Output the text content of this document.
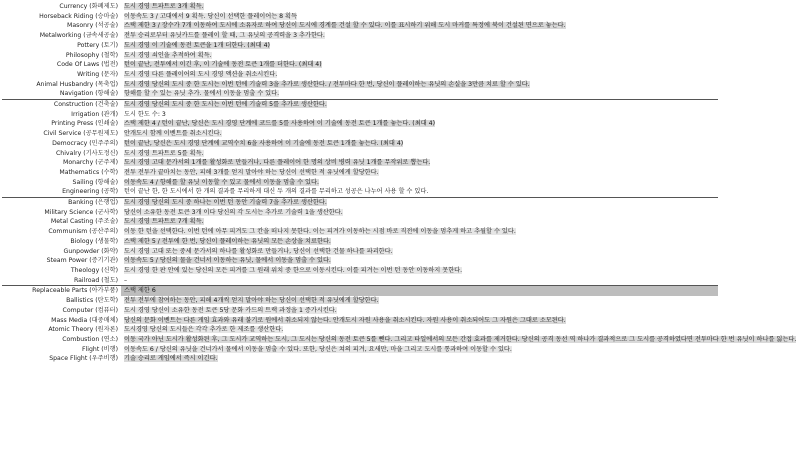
Currency (화폐제도)	도시 경영 트파트로 3개 획득.
Horseback Riding (승마술)	이동속도 3 / 고대에서 9 획득. 당신이 선택한 플레이어는 8 획득
Masonry (석공술)	스택 제한 3 / 장수가 7개 이동하여 도시에 소유자로 하여 당신이 도시에 경계를 건설 할 수 있다. 이를 표시하기 위해 도시 마커를 특정에 북이 건설된 면으로 놓는다.
Metalworking (금속세공술)	전투 승리로부터 유닛카드를 플레이 할 때, 그 유닛의 공격력을 3 추가한다.
Pottery (토기)	도시 경영 이 기술에 동전 토큰을 1개 더한다. (최대 4)
Philosophy (철학)	도시 경영 쇠인을 추적하여 획득.
Code Of Laws (법전)	턴이 끝난, 전투에서 이긴 후, 이 기술에 동전 토큰 1개를 더한다. (최대 4)
Writing (문자)	도시 경영 다른 플레이어의 도시 경영 액션을 취소시킨다.
Animal Husbandry (목축업)	도시 경영 당신의 도시 중 한 도시는 이번 턴에 기술력 3을 추가로 생산한다. / 전투마다 한 번, 당신이 플레이하는 유닛의 손실을 3만큼 치료 할 수 있다.
Navigation (항해술)	항해를 할 수 있는 유닛 추가. 물에서 이동을 멈출 수 있다.
Construction (건축술)	도시 경영 당신의 도시 중 한 도시는 이번 턴에 기술력 5를 추가로 생산한다.
Irrigation (관개)	도시 한도 수: 3
Printing Press (인쇄술)	스택 제한 4 / 턴이 끝난, 당신은 도시 경영 단계에 코드를 5를 사용하여 이 기술에 동전 토큰 1개를 놓는다. (최대 4)
Civil Service (공무원제도)	안개도시 함께 이벤트를 취소시킨다.
Democracy (민주주의)	턴이 끝난, 당신은 도시 경영 단계에 교역수치 6을 사용하여 이 기술에 동전 토큰 1개를 놓는다. (최대 4)
Chivalry (기사도정신)	도시 경영 트파트로 5를 획득.
Monarchy (군주제)	도시 경영 고대 문가서의 1개를 활성화로 만들거나, 다른 플레이어 한 명의 상비 병력 유닛 1개를 무작위로 뽑는다.
Mathematics (수학)	전투 전투가 끝마치는 동안, 피해 3개를 얻지 말아야 하는 당신이 선택한 적 유닛에게 할당한다.
Sailing (항해술)	이동속도 4 / 항해를 할 유닛 이동할 수 있고 물에서 이동을 멈출 수 있다.
Engineering (공학)	턴이 끝난 한, 한 도시에서 한 개의 결과를 무리하게 대신 두 개의 결과를 무리하고 성공은 나누어 사용 할 수 있다.
Banking (은행업)	도시 경영 당신의 도시 중 하나는 이번 턴 동안 기술력 7을 추가로 생산한다.
Military Science (군사학)	당신이 소유한 동전 토큰 3개 이다 당신의 각 도시는 추가로 기술력 1을 생산한다.
Metal Casting (주조술)	도시 경영 트파트로 7개 획득.
Communism (공산주의)	이동 한 턴을 선택한다. 이번 턴에 아무 피겨도 그 칸을 떠나지 못한다. 이는 피겨가 이동하는 시점 바로 직전에 이동을 멈추게 하고 추월할 수 있다.
Biology (생물학)	스택 제한 5 / 전투에 한 번, 당신이 플레이하는 유닛의 모든 손상을 치료한다.
Gunpowder (화약)	도시 경영 고대 또는 중세 문가서의 하나를 활성화로 만들거나, 당신이 선택한 건물 하나를 파괴한다.
Steam Power (증기기관)	이동속도 5 / 당신의 물을 건너서 이동하는 유닛, 물에서 이동을 멈출 수 있다.
Theology (신학)	도시 경영 한 판 안에 있는 당신의 모든 피겨를 그 원래 위치 중 한으로 이동시킨다. 이를 피겨는 이번 턴 동안 이동하지 못한다.
Railroad (철도)	–
Replaceable Parts (아가부품)	스택 제한 6
Ballistics (탄도학)	전투 전투에 참여하는 동안, 피해 4개씩 얻지 말아야 하는 당신이 선택한 적 유닛에게 할당한다.
Computer (컴퓨터)	도시 경영 당신이 소유한 동전 토큰 5당 문화 카드의 트랙 과정을 1 증가시킨다.
Mass Media (대중매체)	당신의 문화 이벤트는 다른 게임 효과와 유래 불기로 원에서 취소되지 않는다. 안개도시 자원 사용을 취소시킨다. 자원 사용이 취소되어도 그 자원은 그대로 소모된다.
Atomic Theory (원자론)	도시경영 당신의 도시들은 각각 추가로 한 제조를 생산한다.
Combustion (연소)	이동 국가 아닌 도시가 활성화된 후, 그 도시가 교역하는 도시, 그 도시는 당신의 동전 토큰 5를 뺀다. 그리고 타일에서의 모든 간접 효과를 제거한다. 당신의 공격 동선 역 하나가 결과적으로 그 도시를 공격하였다면 전투마다 한 번 유닛이 하나를 잃는다.
Flight (비행)	이동속도 6 / 당신의 유닛을 건너가서 물에서 이동을 멈출 수 있다. 또한, 당신은 쳐의 피겨, 요새만, 마을 그리고 도시를 통과하여 이동할 수 있다.
Space Flight (우주비행)	기술 승리로 게임에서 즉시 이긴다.
